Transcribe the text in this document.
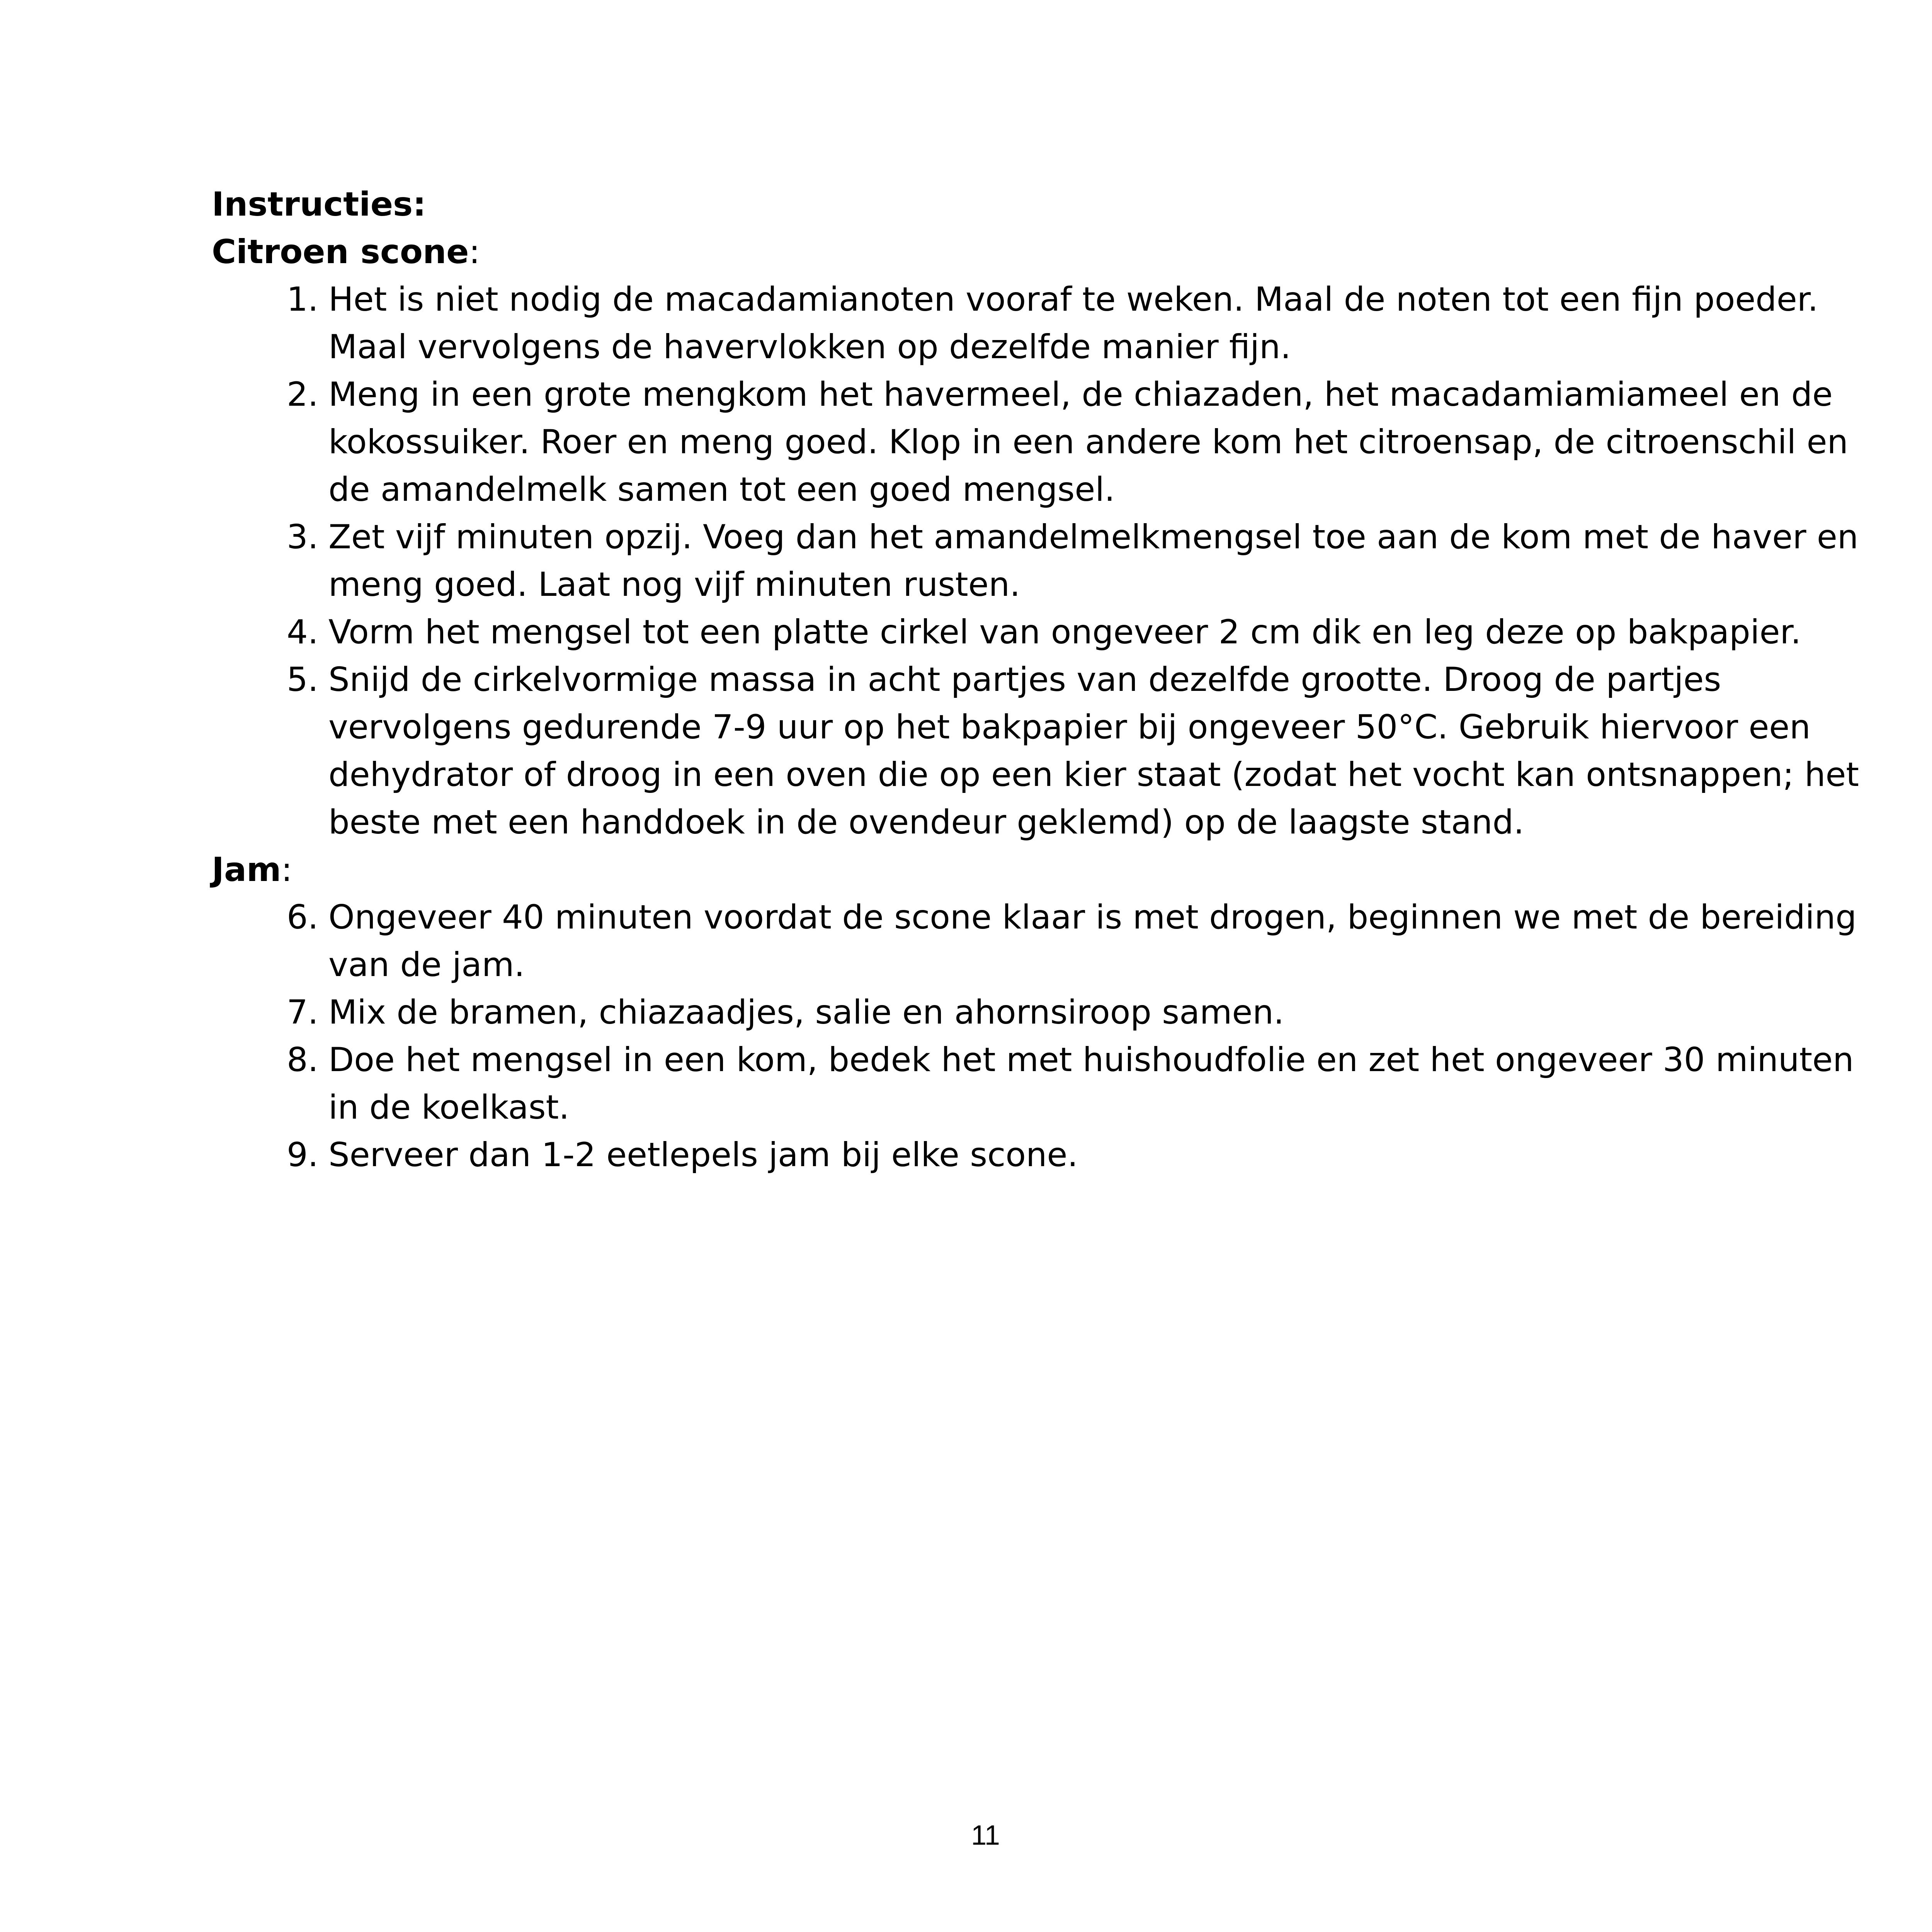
Instructies:
Citroen scone:
1. Het is niet nodig de macadamianoten vooraf te weken. Maal de noten tot een fijn poeder. Maal vervolgens de havervlokken op dezelfde manier fijn.
2. Meng in een grote mengkom het havermeel, de chiazaden, het macadamiamiameel en de kokossuiker. Roer en meng goed. Klop in een andere kom het citroensap, de citroenschil en de amandelmelk samen tot een goed mengsel.
3. Zet vijf minuten opzij. Voeg dan het amandelmelkmengsel toe aan de kom met de haver en meng goed. Laat nog vijf minuten rusten.
4. Vorm het mengsel tot een platte cirkel van ongeveer 2 cm dik en leg deze op bakpapier.
5. Snijd de cirkelvormige massa in acht partjes van dezelfde grootte. Droog de partjes vervolgens gedurende 7-9 uur op het bakpapier bij ongeveer 50°C. Gebruik hiervoor een dehydrator of droog in een oven die op een kier staat (zodat het vocht kan ontsnappen; het beste met een handdoek in de ovendeur geklemd) op de laagste stand.
Jam:
6. Ongeveer 40 minuten voordat de scone klaar is met drogen, beginnen we met de bereiding van de jam.
7. Mix de bramen, chiazaadjes, salie en ahornsiroop samen.
8. Doe het mengsel in een kom, bedek het met huishoudfolie en zet het ongeveer 30 minuten in de koelkast.
9. Serveer dan 1-2 eetlepels jam bij elke scone.
11
